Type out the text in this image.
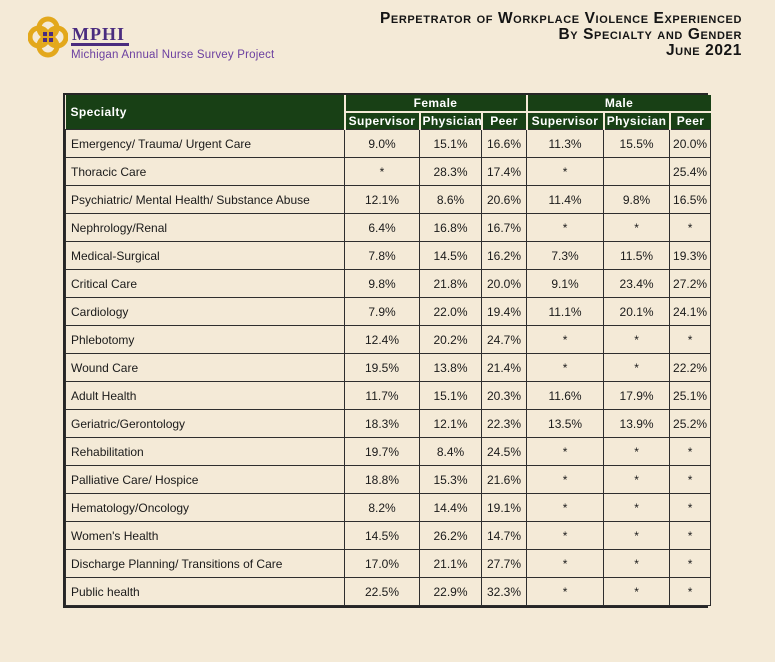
MPHI
Michigan Annual Nurse Survey Project
Perpetrator of Workplace Violence Experienced
By Specialty and Gender
June 2021
Specialty	Female			Male		
	Supervisor	Physician	Peer	Supervisor	Physician	Peer
Emergency/ Trauma/ Urgent Care	9.0%	15.1%	16.6%	11.3%	15.5%	20.0%
Thoracic Care	*	28.3%	17.4%	*		25.4%
Psychiatric/ Mental Health/ Substance Abuse	12.1%	8.6%	20.6%	11.4%	9.8%	16.5%
Nephrology/Renal	6.4%	16.8%	16.7%	*	*	*
Medical-Surgical	7.8%	14.5%	16.2%	7.3%	11.5%	19.3%
Critical Care	9.8%	21.8%	20.0%	9.1%	23.4%	27.2%
Cardiology	7.9%	22.0%	19.4%	11.1%	20.1%	24.1%
Phlebotomy	12.4%	20.2%	24.7%	*	*	*
Wound Care	19.5%	13.8%	21.4%	*	*	22.2%
Adult Health	11.7%	15.1%	20.3%	11.6%	17.9%	25.1%
Geriatric/Gerontology	18.3%	12.1%	22.3%	13.5%	13.9%	25.2%
Rehabilitation	19.7%	8.4%	24.5%	*	*	*
Palliative Care/ Hospice	18.8%	15.3%	21.6%	*	*	*
Hematology/Oncology	8.2%	14.4%	19.1%	*	*	*
Women's Health	14.5%	26.2%	14.7%	*	*	*
Discharge Planning/ Transitions of Care	17.0%	21.1%	27.7%	*	*	*
Public health	22.5%	22.9%	32.3%	*	*	*
